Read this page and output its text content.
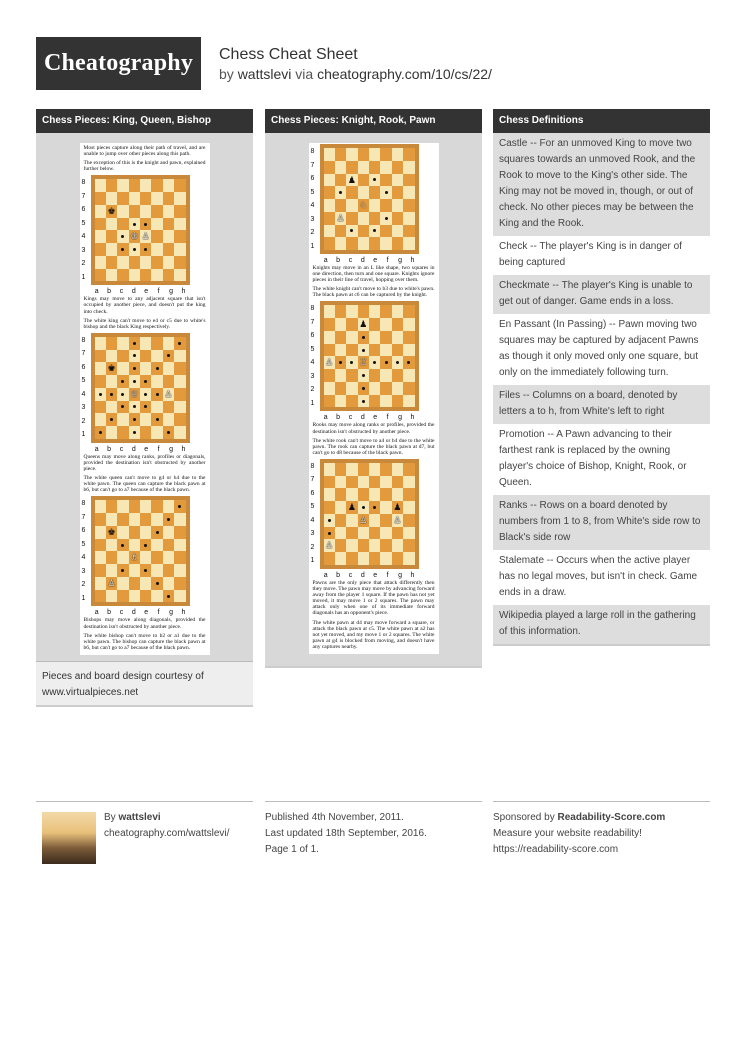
Cheatography	Chess Cheat Sheet
by wattslevi via cheatography.com/10/cs/22/
Chess Pieces: King, Queen, Bishop
Most pieces capture along their path of travel, and are unable to jump over other pieces along this path.
The exception of this is the knight and pawn, explained further below.
8
7
6
5
4
3
2
1
♚
♔ ♙
a	b	c	d	e	f	g	h
Kings may move to any adjacent square that isn't occupied by another piece, and doesn't put the king into check.
The white king can't move to e4 or c5 due to white's bishop and the black King respectively.
8
7
6
5
4
3
2
1
♚
♕	♙
a	b	c	d	e	f	g	h
Queens may move along ranks, profiles or diagonals, provided the destination isn't obstructed by another piece.
The white queen can't move to g4 or h4 due to the white pawn. The queen can capture the black pawn at b6, but can't go to a7 because of the black pawn.
8
7
6
5
4
3
2
1
♚
♗
♙
a	b	c	d	e	f	g	h
Bishops may move along diagonals, provided the destination isn't obstructed by another piece.
The white bishop can't move to b2 or a1 due to the white pawn. The bishop can capture the black pawn at b6, but can't go to a7 because of the black pawn.
Pieces and board design courtesy of
www.virtualpieces.net
Chess Pieces: Knight, Rook, Pawn
8
7
6
5
4
3
2
1
♟
♘
♙
a	b	c	d	e	f	g	h
Knights may move in an L like shape, two squares in one direction, then turn and one square. Knights ignore pieces in their line of travel, hopping over them.
The white knight can't move to b3 due to white's pawn. The black pawn at c6 can be captured by the knight.
8
7
6
5
4
3
2
1
♟
♖
♙
a	b	c	d	e	f	g	h
Rooks may move along ranks or profiles, provided the destination isn't obstructed by another piece.
The white rook can't move to a4 or b4 due to the white pawn. The rook can capture the black pawn at d7, but can't go to d8 because of the black pawn.
8
7
6
5
4
3
2
1
♟
♙
♙
♟
♙
a	b	c	d	e	f	g	h
Pawns are the only piece that attack differently then they move. The pawn may move by advancing forward away from the player 1 square. If the pawn has not yet moved, it may move 1 or 2 squares. The pawn may attack only when one of its immediate forward diagonals has an opponent's piece.
The white pawn at d4 may move forward a square, or attack the black pawn at c5. The white pawn at a2 has not yet moved, and my move 1 or 2 squares. The white pawn at g4 is blocked from moving, and doesn't have any captures nearby.
Chess Definitions
Castle -- For an unmoved King to move two squares towards an unmoved Rook, and the Rook to move to the King's other side. The King may not be moved in, though, or out of check. No other pieces may be between the King and the Rook.
Check -- The player's King is in danger of being captured
Checkmate -- The player's King is unable to get out of danger. Game ends in a loss.
En Passant (In Passing) -- Pawn moving two squares may be captured by adjacent Pawns as though it only moved only one square, but only on the immediately following turn.
Files -- Columns on a board, denoted by letters a to h, from White's left to right
Promotion -- A Pawn advancing to their farthest rank is replaced by the owning player's choice of Bishop, Knight, Rook, or Queen.
Ranks -- Rows on a board denoted by numbers from 1 to 8, from White's side row to Black's side row
Stalemate -- Occurs when the active player has no legal moves, but isn't in check. Game ends in a draw.
Wikipedia played a large roll in the gathering of this information.
By wattslevi
cheatography.com/wattslevi/
Published 4th November, 2011.
Last updated 18th September, 2016.
Page 1 of 1.
Sponsored by Readability-Score.com
Measure your website readability!
https://readability-score.com
